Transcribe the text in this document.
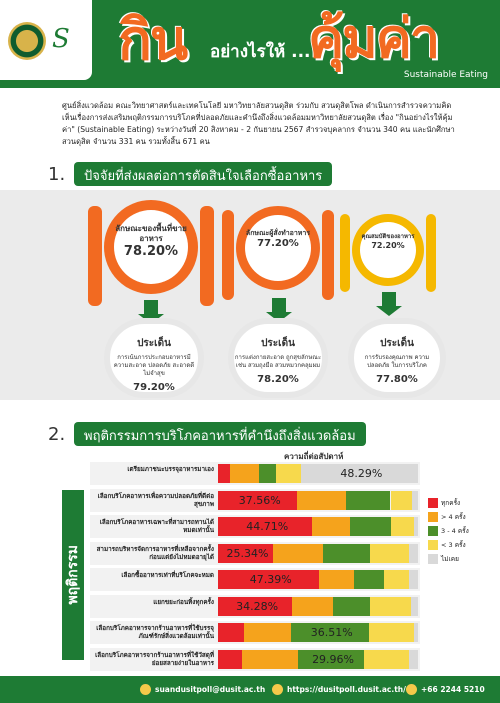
S กิน อย่างไรให้ ...
คุ้มค่า
Sustainable Eating

ศูนย์สิ่งแวดล้อม คณะวิทยาศาสตร์และเทคโนโลยี มหาวิทยาลัยสวนดุสิต ร่วมกับ สวนดุสิตโพล ดำเนินการสำรวจความคิดเห็นเรื่องการส่งเสริมพฤติกรรมการบริโภคที่ปลอดภัยและคำนึงถึงสิ่งแวดล้อมมหาวิทยาลัยสวนดุสิต เรื่อง "กินอย่างไรให้คุ้มค่า" (Sustainable Eating) ระหว่างวันที่ 20 สิงหาคม - 2 กันยายน 2567 สำรวจบุคลากร จำนวน 340 คน และนักศึกษาสวนดุสิต จำนวน 331 คน รวมทั้งสิ้น 671 คน

1.	ปัจจัยที่ส่งผลต่อการตัดสินใจเลือกซื้ออาหาร
ลักษณะของพื้นที่ขายอาหาร
78.20%
ลักษณะผู้สั่งทำอาหาร
77.20%
คุณสมบัติของอาหาร
72.20%
ประเด็น
การเน้นการประกอบอาหารมีความสะอาด ปลอดภัย สะอาดดี ไม่จำสุข
79.20%
ประเด็น
การแต่งกายสะอาด ถูกสุขลักษณะ เช่น สวมถุงมือ สวมหมวกคลุมผม
78.20%
ประเด็น
การรับรองคุณภาพ ความปลอดภัย ในการบริโภค
77.80%
2.	พฤติกรรมการบริโภคอาหารที่คำนึงถึงสิ่งแวดล้อม
ความถี่ต่อสัปดาห์
พฤติกรรม
เตรียมภาชนะบรรจุอาหารมาเอง	48.29%
เลือกบริโภคอาหารเพื่อความปลอดภัยที่ดีต่อสุขภาพ	37.56%
เลือกบริโภคอาหารเฉพาะที่สามารถทานได้หมดเท่านั้น	44.71%
สามารถบริหารจัดการอาหารที่เหลือจากครั้งก่อนแต่ยังไม่หมดอายุได้	25.34%
เลือกซื้ออาหารเท่าที่บริโภคจะหมด	47.39%
แยกขยะก่อนทิ้งทุกครั้ง	34.28%
เลือกบริโภคอาหารจากร้านอาหารที่ใช้บรรจุภัณฑ์รักษ์สิ่งแวดล้อมเท่านั้น	36.51%
เลือกบริโภคอาหารจากร้านอาหารที่ใช้วัสดุที่ย่อยสลายง่ายในอาหาร	29.96%
ทุกครั้ง
> 4 ครั้ง
3 - 4 ครั้ง
< 3 ครั้ง
ไม่เคย
suandusitpoll@dusit.ac.th	https://dusitpoll.dusit.ac.th/ +66 2244 5210
